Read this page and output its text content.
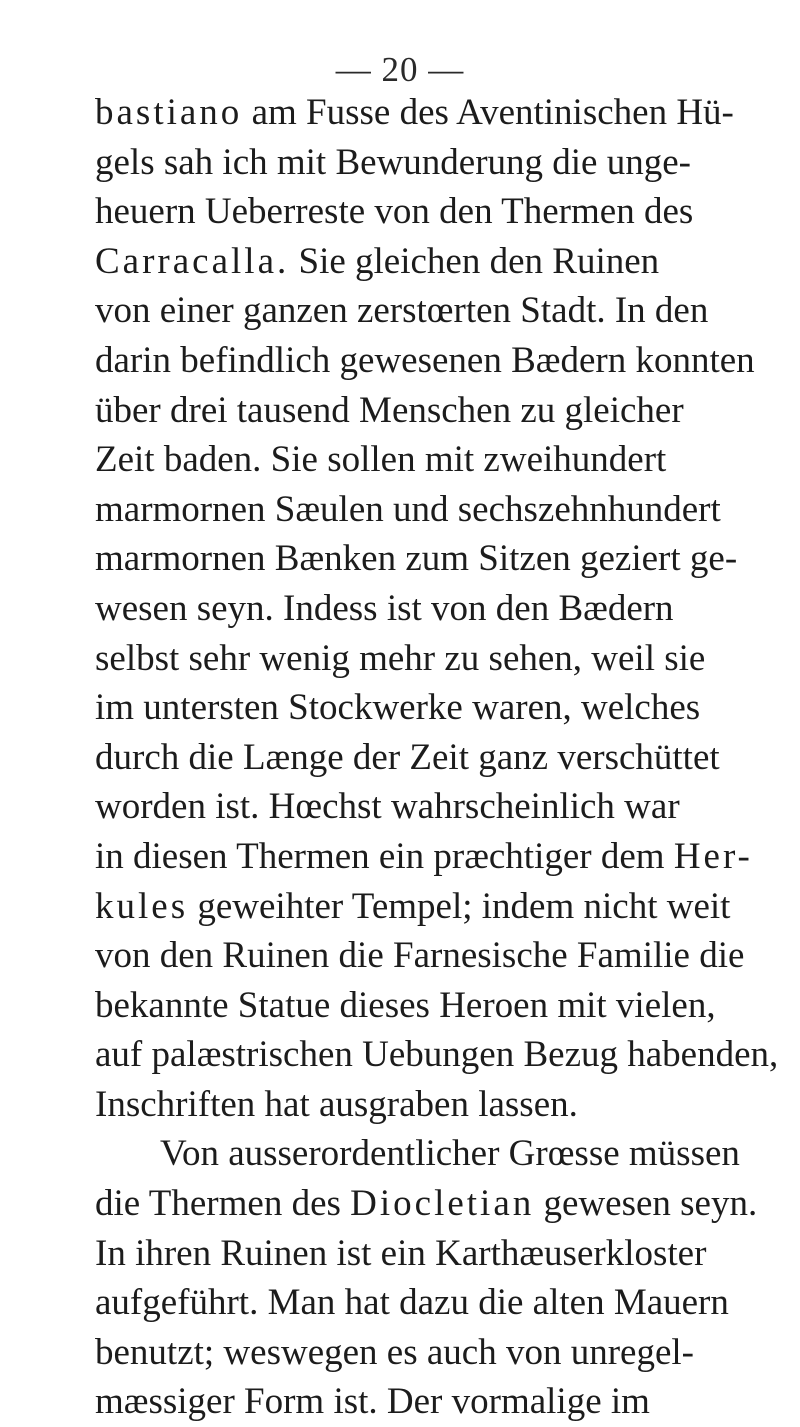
— 20 —
bastiano am Fusse des Aventinischen Hü-
gels sah ich mit Bewunderung die unge-
heuern Ueberreste von den Thermen des
Carracalla. Sie gleichen den Ruinen
von einer ganzen zerstœrten Stadt. In den
darin befindlich gewesenen Bædern konnten
über drei tausend Menschen zu gleicher
Zeit baden. Sie sollen mit zweihundert
marmornen Sæulen und sechszehnhundert
marmornen Bænken zum Sitzen geziert ge-
wesen seyn. Indess ist von den Bædern
selbst sehr wenig mehr zu sehen, weil sie
im untersten Stockwerke waren, welches
durch die Længe der Zeit ganz verschüttet
worden ist. Hœchst wahrscheinlich war
in diesen Thermen ein præchtiger dem Her-
kules geweihter Tempel; indem nicht weit
von den Ruinen die Farnesische Familie die
bekannte Statue dieses Heroen mit vielen,
auf palæstrischen Uebungen Bezug habenden,
Inschriften hat ausgraben lassen.
Von ausserordentlicher Grœsse müssen
die Thermen des Diocletian gewesen seyn.
In ihren Ruinen ist ein Karthæuserkloster
aufgeführt. Man hat dazu die alten Mauern
benutzt; weswegen es auch von unregel-
mæssiger Form ist. Der vormalige im
